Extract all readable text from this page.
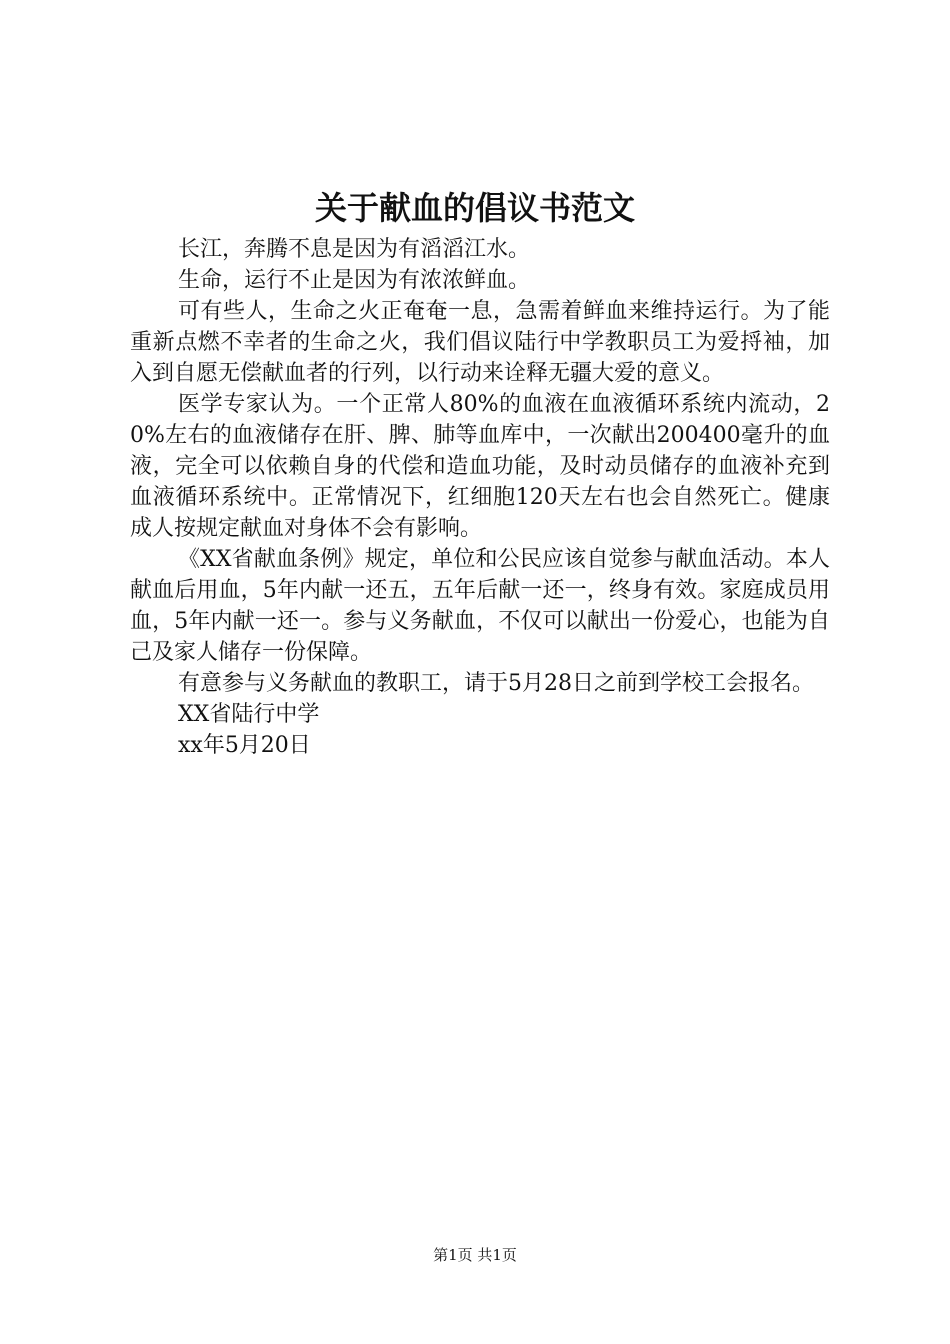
关于献血的倡议书范文

长江，奔腾不息是因为有滔滔江水。

生命，运行不止是因为有浓浓鲜血。

可有些人，生命之火正奄奄一息，急需着鲜血来维持运行。为了能重新点燃不幸者的生命之火，我们倡议陆行中学教职员工为爱捋袖，加入到自愿无偿献血者的行列，以行动来诠释无疆大爱的意义。

医学专家认为。一个正常人80%的血液在血液循环系统内流动，20%左右的血液储存在肝、脾、肺等血库中，一次献出200400毫升的血液，完全可以依赖自身的代偿和造血功能，及时动员储存的血液补充到血液循环系统中。正常情况下，红细胞120天左右也会自然死亡。健康成人按规定献血对身体不会有影响。

《XX省献血条例》规定，单位和公民应该自觉参与献血活动。本人献血后用血，5年内献一还五，五年后献一还一，终身有效。家庭成员用血，5年内献一还一。参与义务献血，不仅可以献出一份爱心，也能为自己及家人储存一份保障。

有意参与义务献血的教职工，请于5月28日之前到学校工会报名。

XX省陆行中学

xx年5月20日

第1页 共1页
